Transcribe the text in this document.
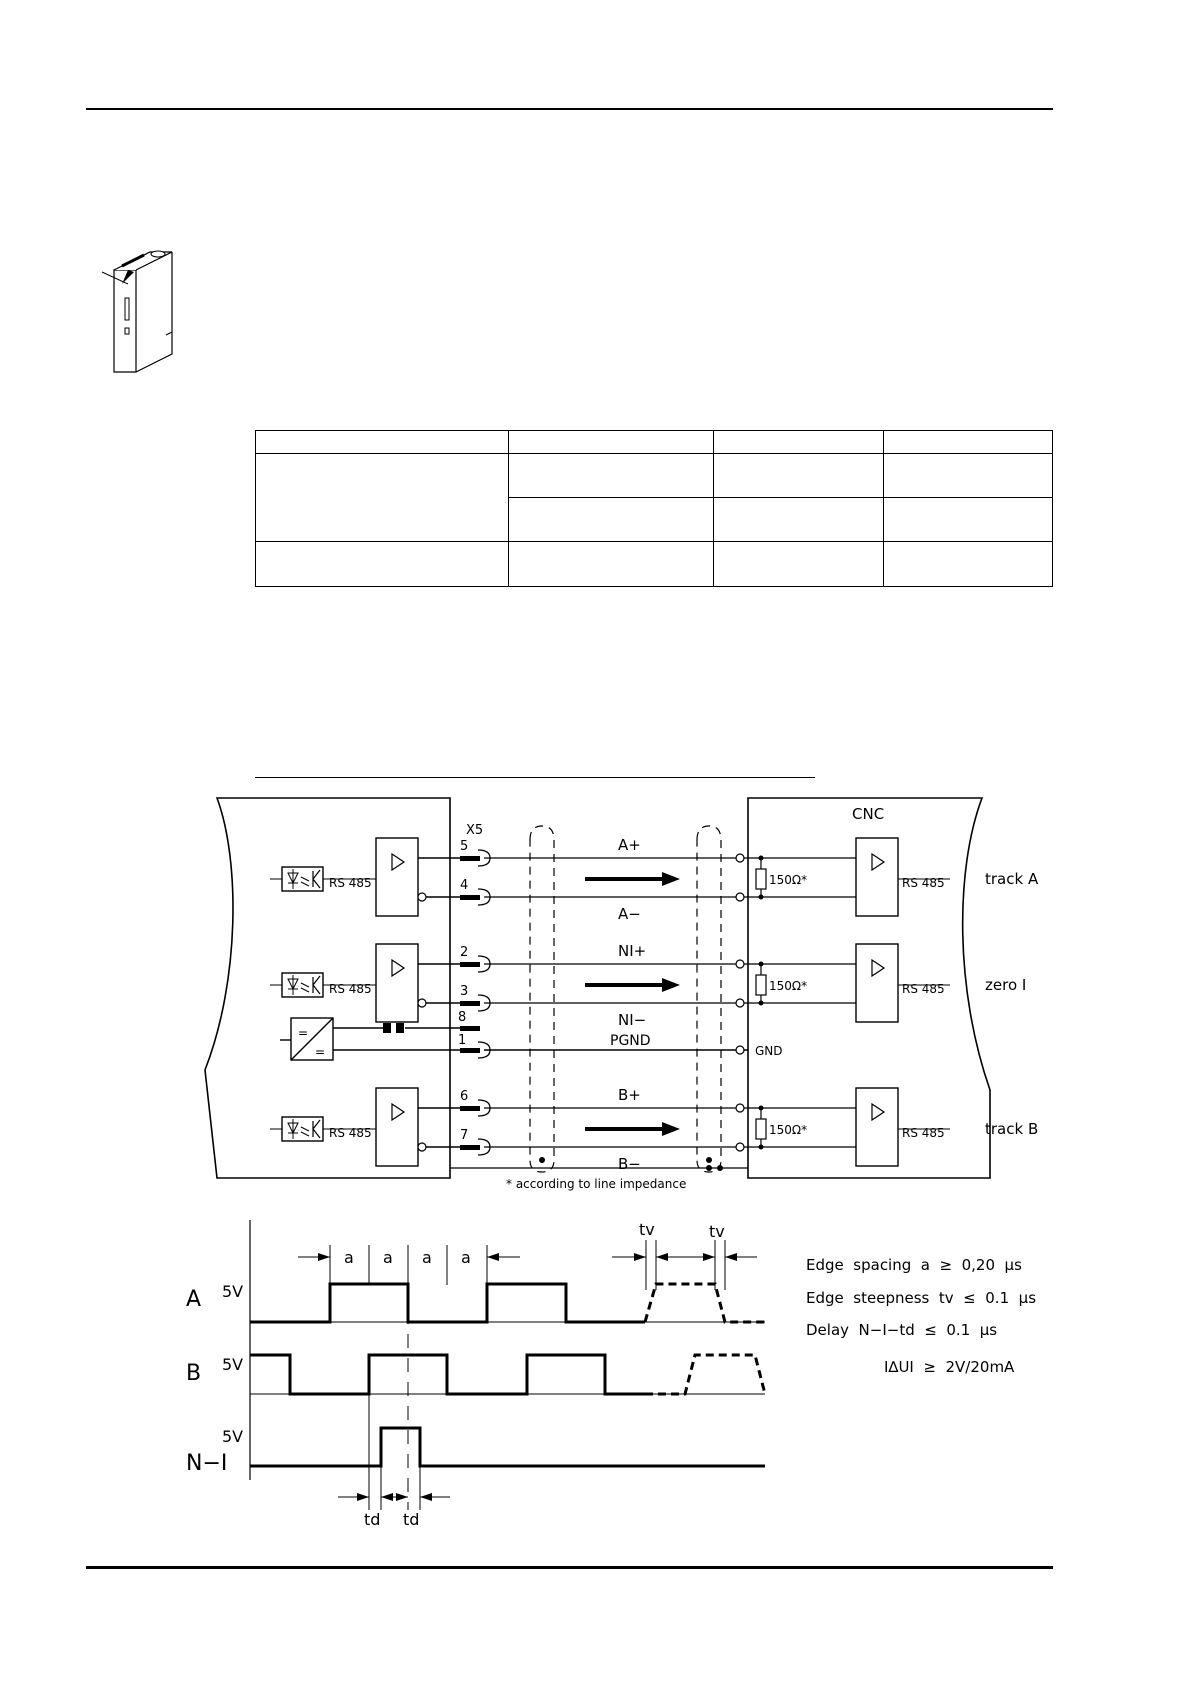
X5
CNC
RS 485
5
4
A+
A−
150Ω*	RS 485	track A
RS 485
2
3
NI+
NI−
150Ω*	RS 485	zero I
RS 485
6
7
B+
B−
150Ω*	RS 485	track B
=
=
8
1	PGND
GND
* according to line impedance
A
B
N−I
5V
5V
5V
a a a a
tv	tv
td td
Edge  spacing  a  ≥  0,20  μs
Edge  steepness  tv  ≤  0.1  μs
Delay  N−I−td  ≤  0.1  μs
I∆UI  ≥  2V/20mA
